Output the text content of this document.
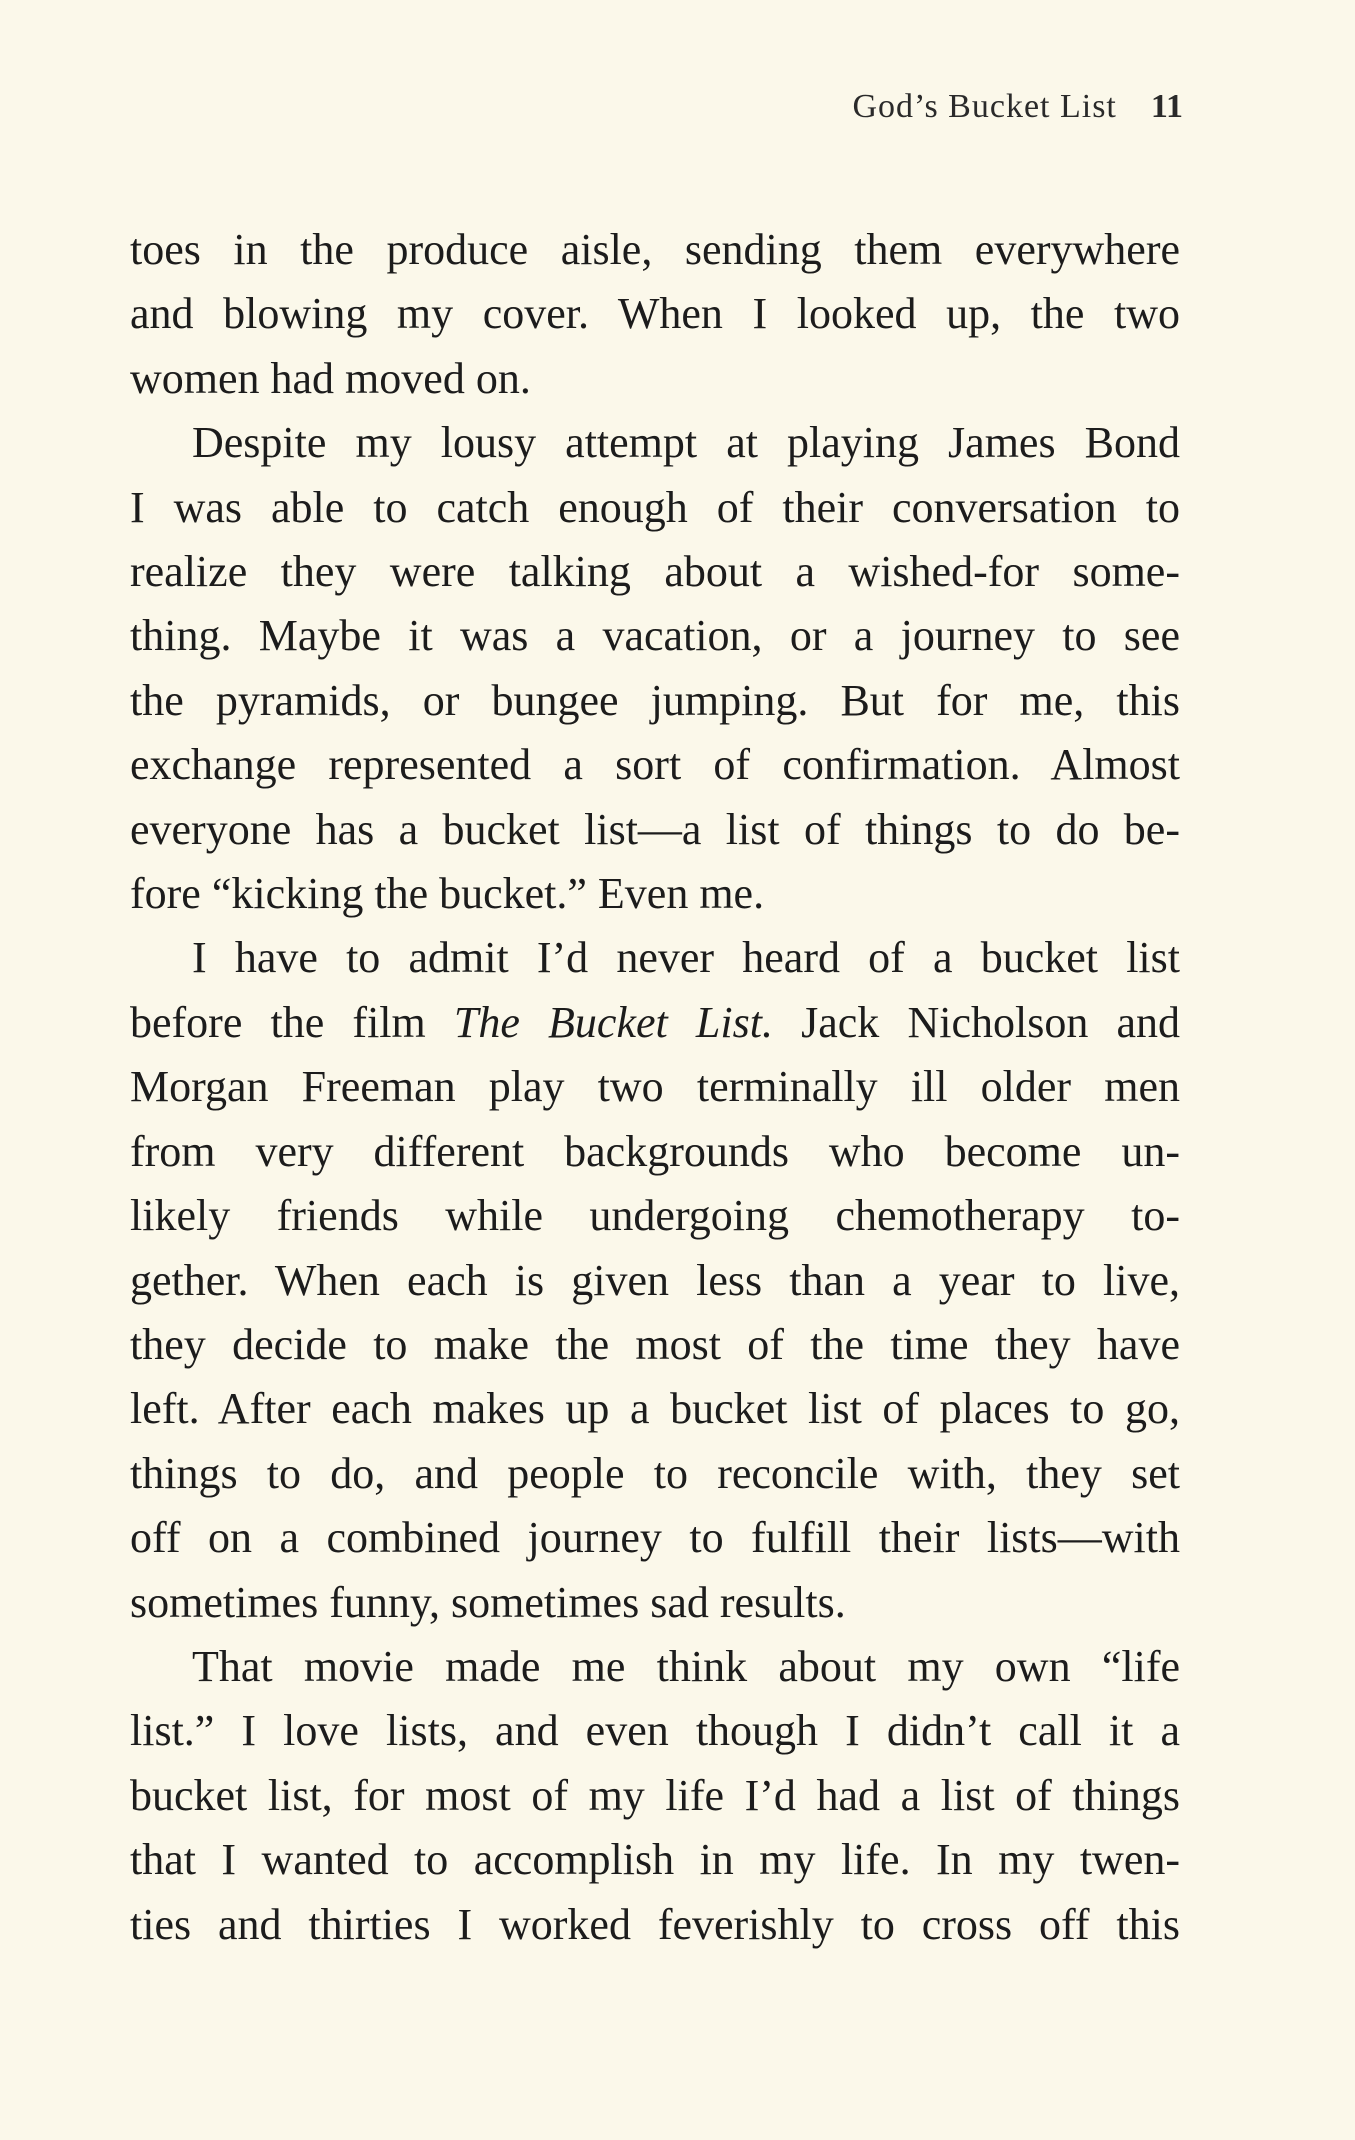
God’s Bucket List 11

toes in the produce aisle, sending them everywhere
and blowing my cover. When I looked up, the two
women had moved on.

Despite my lousy attempt at playing James Bond
I was able to catch enough of their conversation to
realize they were talking about a wished-for some-
thing. Maybe it was a vacation, or a journey to see
the pyramids, or bungee jumping. But for me, this
exchange represented a sort of confirmation. Almost
everyone has a bucket list—a list of things to do be-
fore “kicking the bucket.” Even me.

I have to admit I’d never heard of a bucket list
before the film The Bucket List. Jack Nicholson and
Morgan Freeman play two terminally ill older men
from very different backgrounds who become un-
likely friends while undergoing chemotherapy to-
gether. When each is given less than a year to live,
they decide to make the most of the time they have
left. After each makes up a bucket list of places to go,
things to do, and people to reconcile with, they set
off on a combined journey to fulfill their lists—with
sometimes funny, sometimes sad results.

That movie made me think about my own “life
list.” I love lists, and even though I didn’t call it a
bucket list, for most of my life I’d had a list of things
that I wanted to accomplish in my life. In my twen-
ties and thirties I worked feverishly to cross off this
